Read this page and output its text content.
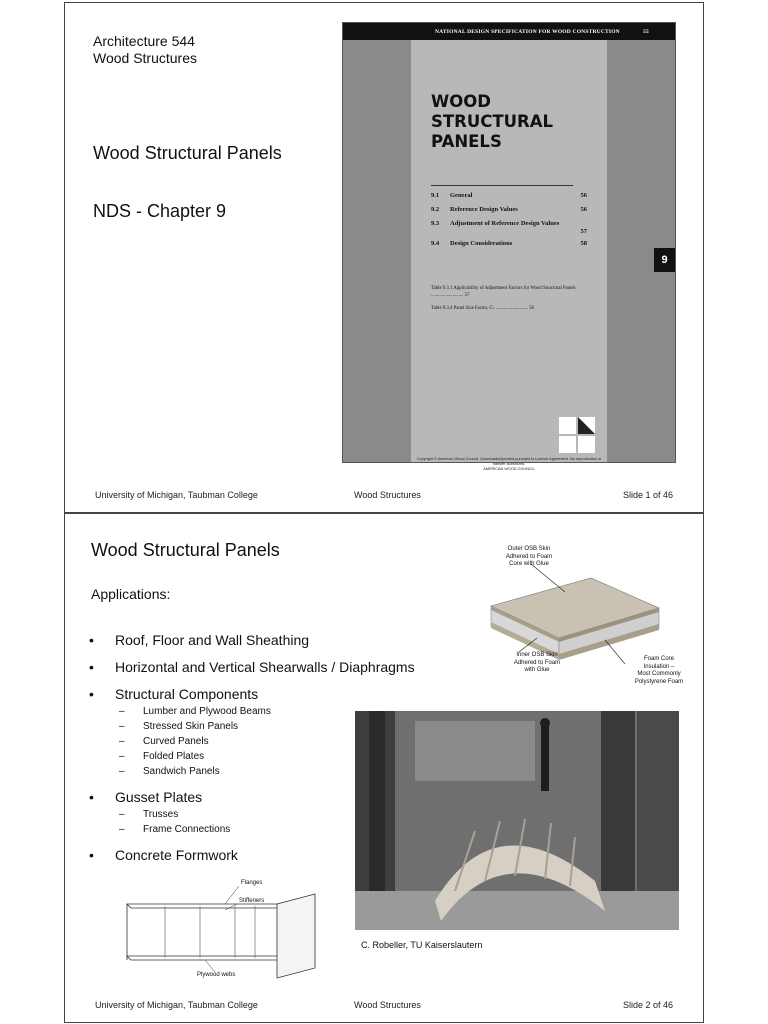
Architecture 544
Wood Structures
Wood Structural Panels
NDS - Chapter 9
NATIONAL DESIGN SPECIFICATION FOR WOOD CONSTRUCTION	55
WOOD
STRUCTURAL
PANELS
9.1 General	56
9.2 Reference Design Values	56
9.3 Adjustment of Reference Design Values
57
9.4 Design Considerations	58
Table 9.3.1 Applicability of Adjustment Factors for Wood Structural Panels ........................... 57
Table 9.3.4 Panel Size Factor, Cₛ ........................... 58
Copyright © American Wood Council. Downloaded/printed pursuant to License Agreement. No reproduction or transfer authorized.
AMERICAN WOOD COUNCIL
9
University of Michigan, Taubman College	Wood Structures	Slide 1 of 46
Wood Structural Panels
Applications:
• Roof, Floor and Wall Sheathing
• Horizontal and Vertical Shearwalls / Diaphragms
• Structural Components
– Lumber and Plywood Beams
– Stressed Skin Panels
– Curved Panels
– Folded Plates
– Sandwich Panels
• Gusset Plates
– Trusses
– Frame Connections
• Concrete Formwork
Outer OSB Skin
Adhered to Foam
Core with Glue
Inner OSB Skin
Adhered to Foam
with Glue
Foam Core
Insulation –
Most Commonly
Polystyrene Foam
C. Robeller, TU Kaiserslautern
Flanges
Stiffeners
Plywood webs
University of Michigan, Taubman College	Wood Structures	Slide 2 of 46
